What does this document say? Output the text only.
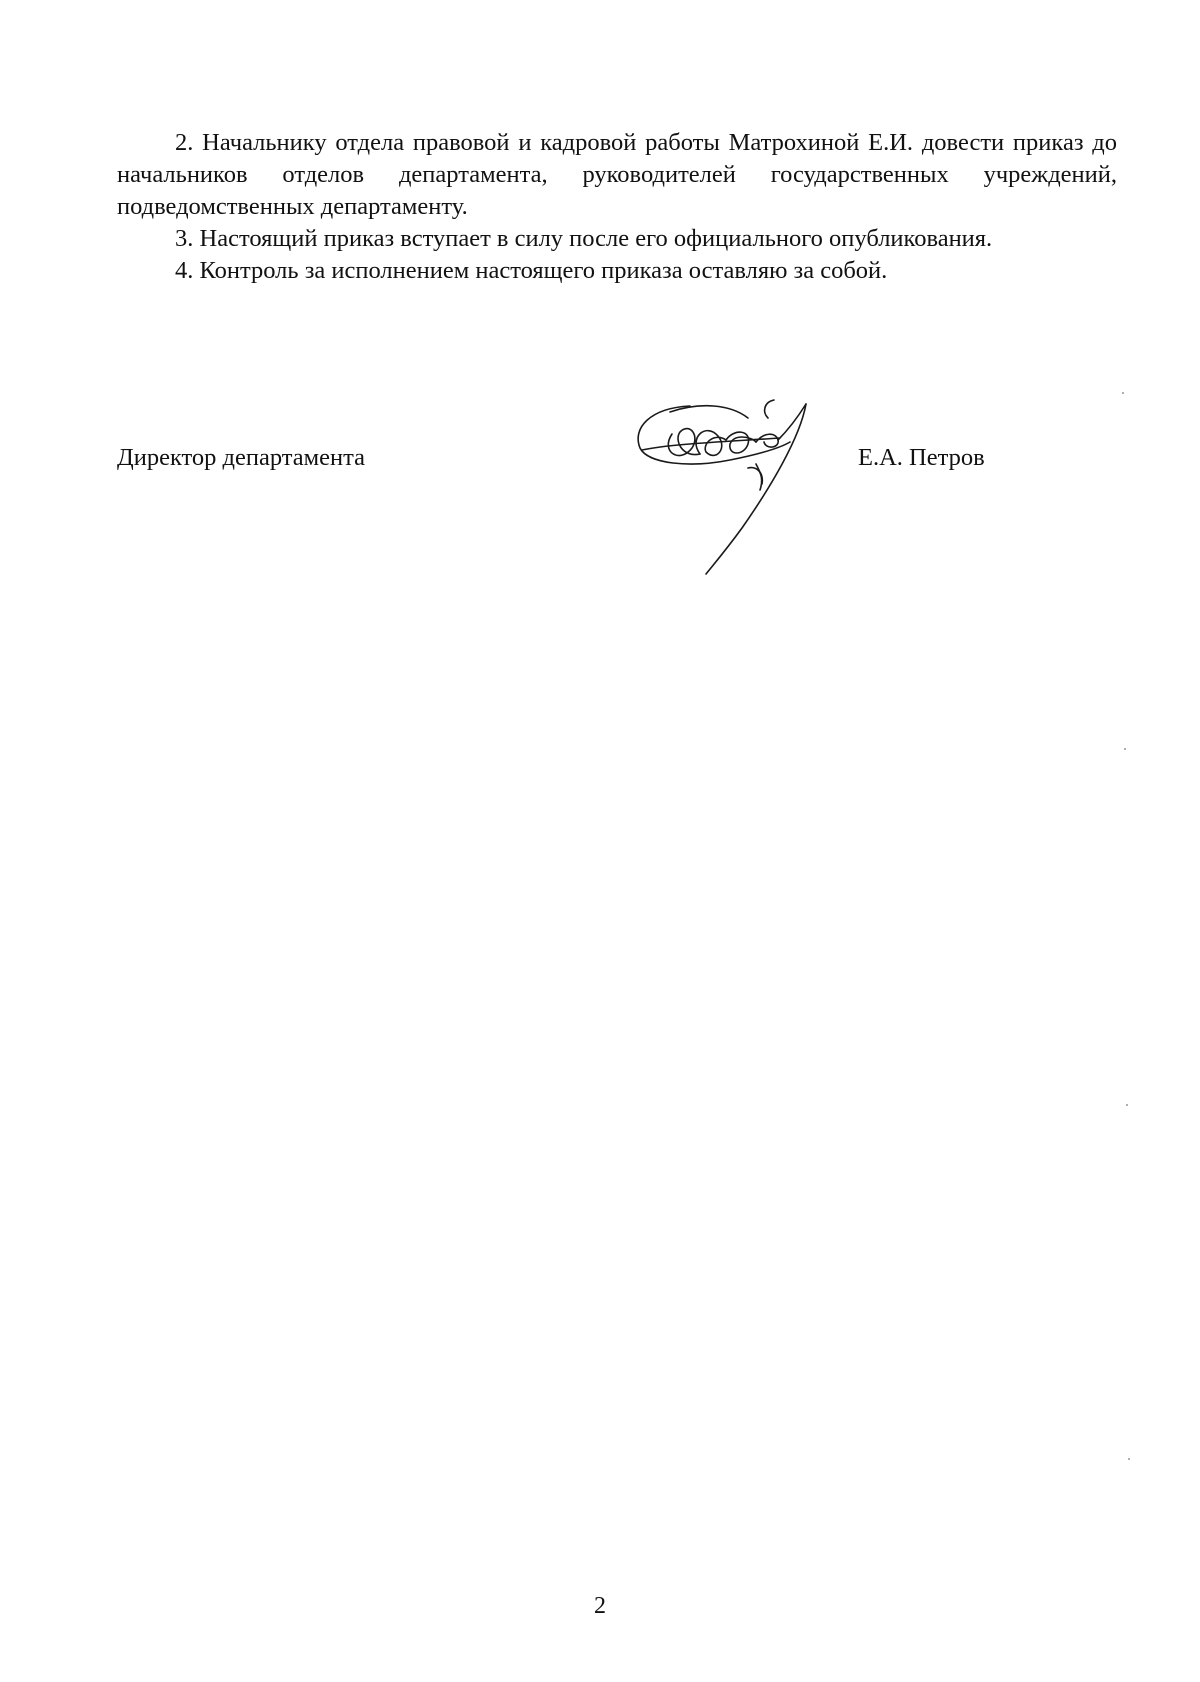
2. Начальнику отдела правовой и кадровой работы Матрохиной Е.И. довести приказ до начальников отделов департамента, руководителей государственных учреждений, подведомственных департаменту.

3. Настоящий приказ вступает в силу после его официального опубликования.

4. Контроль за исполнением настоящего приказа оставляю за собой.

Директор департамента	Е.А. Петров
2
